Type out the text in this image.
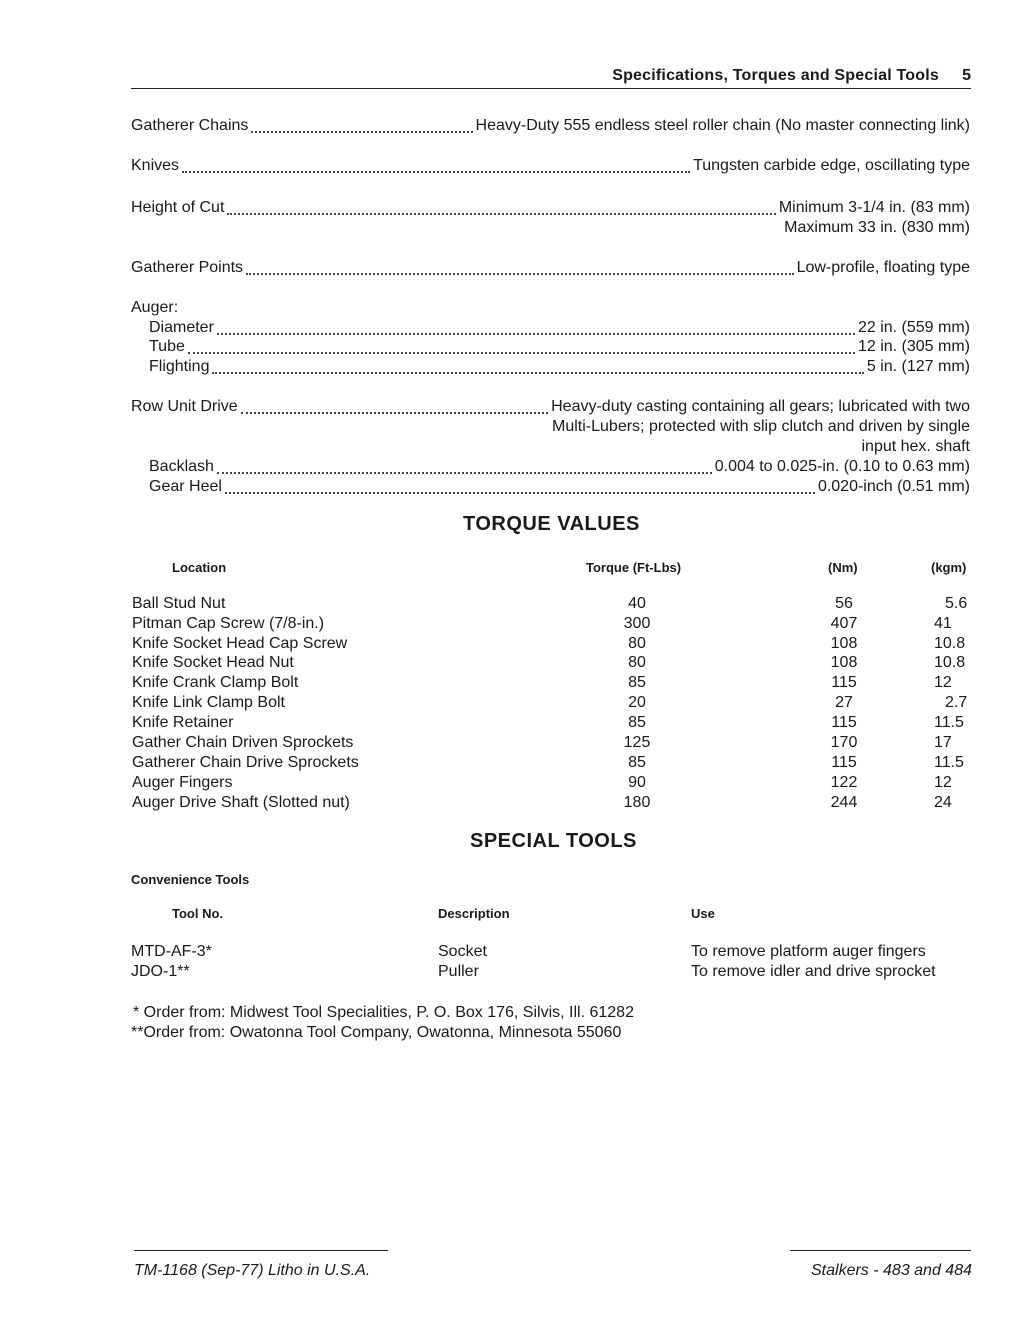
Specifications, Torques and Special Tools 5
Gatherer Chains	Heavy-Duty 555 endless steel roller chain (No master connecting link)
Knives	Tungsten carbide edge, oscillating type
Height of Cut	Minimum 3-1/4 in. (83 mm)
Maximum 33 in. (830 mm)
Gatherer Points	Low-profile, floating type
Auger:
Diameter	22 in. (559 mm)
Tube	12 in. (305 mm)
Flighting	5 in. (127 mm)
Row Unit Drive	Heavy-duty casting containing all gears; lubricated with two
Multi-Lubers; protected with slip clutch and driven by single
input hex. shaft
Backlash	0.004 to 0.025-in. (0.10 to 0.63 mm)
Gear Heel	0.020-inch (0.51 mm)
TORQUE VALUES
Location	Torque (Ft-Lbs)	(Nm)	(kgm)
Ball Stud Nut	40	56	5.6
Pitman Cap Screw (7/8-in.)	300	407	41
Knife Socket Head Cap Screw	80	108	10.8
Knife Socket Head Nut	80	108	10.8
Knife Crank Clamp Bolt	85	115	12
Knife Link Clamp Bolt	20	27	2.7
Knife Retainer	85	115	11.5
Gather Chain Driven Sprockets	125	170	17
Gatherer Chain Drive Sprockets	85	115	11.5
Auger Fingers	90	122	12
Auger Drive Shaft (Slotted nut)	180	244	24
SPECIAL TOOLS
Convenience Tools
Tool No.	Description	Use
MTD-AF-3*	Socket	To remove platform auger fingers
JDO-1**	Puller	To remove idler and drive sprocket
* Order from: Midwest Tool Specialities, P. O. Box 176, Silvis, Ill. 61282
**Order from: Owatonna Tool Company, Owatonna, Minnesota 55060
TM-1168 (Sep-77) Litho in U.S.A.	Stalkers - 483 and 484
